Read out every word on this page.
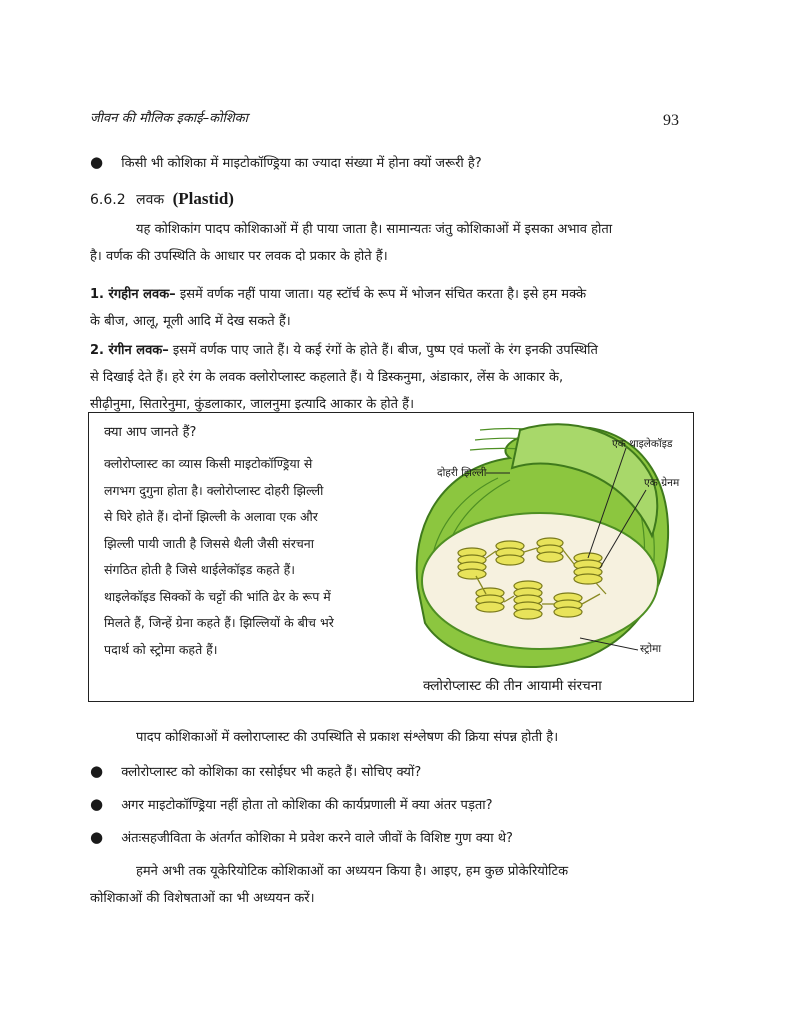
जीवन की मौलिक इकाई–कोशिका	93
● किसी भी कोशिका में माइटोकॉण्ड्रिया का ज्यादा संख्या में होना क्यों जरूरी है?
6.6.2 लवक (Plastid)
यह कोशिकांग पादप कोशिकाओं में ही पाया जाता है। सामान्यतः जंतु कोशिकाओं में इसका अभाव होता
है। वर्णक की उपस्थिति के आधार पर लवक दो प्रकार के होते हैं।
1. रंगहीन लवक– इसमें वर्णक नहीं पाया जाता। यह स्टॉर्च के रूप में भोजन संचित करता है। इसे हम मक्के
के बीज, आलू, मूली आदि में देख सकते हैं।
2. रंगीन लवक– इसमें वर्णक पाए जाते हैं। ये कई रंगों के होते हैं। बीज, पुष्प एवं फलों के रंग इनकी उपस्थिति
से दिखाई देते हैं। हरे रंग के लवक क्लोरोप्लास्ट कहलाते हैं। ये डिस्कनुमा, अंडाकार, लेंस के आकार के,
सीढ़ीनुमा, सितारेनुमा, कुंडलाकार, जालनुमा इत्यादि आकार के होते हैं।
क्या आप जानते हैं?
क्लोरोप्लास्ट का व्यास किसी माइटोकॉण्ड्रिया से
लगभग दुगुना होता है। क्लोरोप्लास्ट दोहरी झिल्ली
से घिरे होते हैं। दोनों झिल्ली के अलावा एक और
झिल्ली पायी जाती है जिससे थैली जैसी संरचना
संगठित होती है जिसे थाईलेकॉइड कहते हैं।
थाइलेकॉइड सिक्कों के चट्टों की भांति ढेर के रूप में
मिलते हैं, जिन्हें ग्रेना कहते हैं। झिल्लियों के बीच भरे
पदार्थ को स्ट्रोमा कहते हैं।
एक थाइलेकॉइड
दोहरी झिल्ली
एक ग्रेनम
स्ट्रोमा
क्लोरोप्लास्ट की तीन आयामी संरचना
पादप कोशिकाओं में क्लोराप्लास्ट की उपस्थिति से प्रकाश संश्लेषण की क्रिया संपन्न होती है।
● क्लोरोप्लास्ट को कोशिका का रसोईघर भी कहते हैं। सोचिए क्यों?
● अगर माइटोकॉण्ड्रिया नहीं होता तो कोशिका की कार्यप्रणाली में क्या अंतर पड़ता?
● अंतःसहजीविता के अंतर्गत कोशिका मे प्रवेश करने वाले जीवों के विशिष्ट गुण क्या थे?
हमने अभी तक यूकेरियोटिक कोशिकाओं का अध्ययन किया है। आइए, हम कुछ प्रोकेरियोटिक
कोशिकाओं की विशेषताओं का भी अध्ययन करें।
